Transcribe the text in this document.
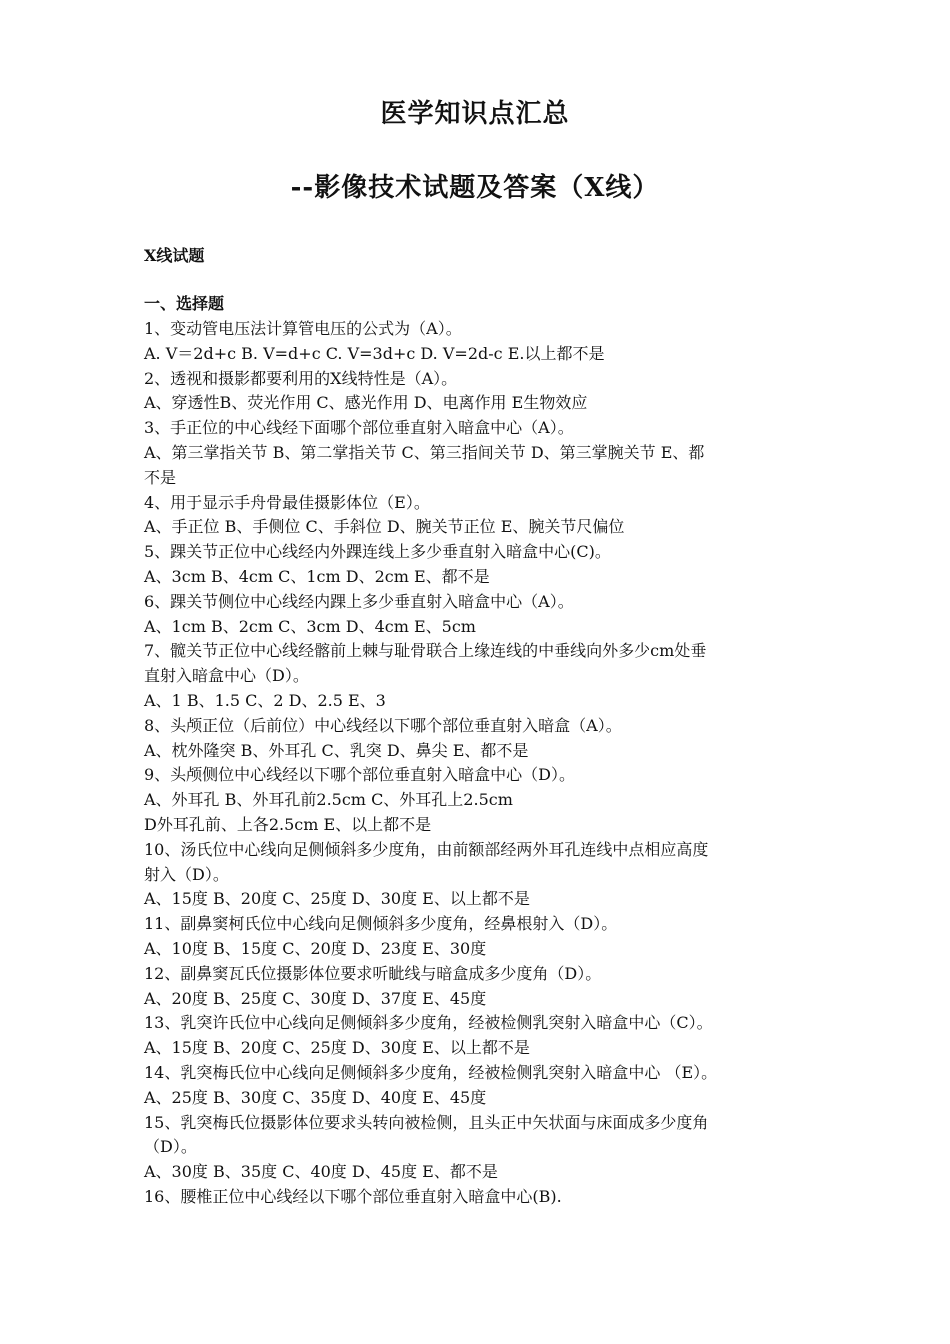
医学知识点汇总
--影像技术试题及答案（X线）
X线试题
一、选择题
1、变动管电压法计算管电压的公式为（A）。
A. V＝2d+c B. V=d+c C. V=3d+c D. V=2d-c E.以上都不是
2、透视和摄影都要利用的X线特性是（A）。
A、穿透性B、荧光作用 C、感光作用 D、电离作用 E生物效应
3、手正位的中心线经下面哪个部位垂直射入暗盒中心（A）。
A、第三掌指关节 B、第二掌指关节 C、第三指间关节 D、第三掌腕关节 E、都
不是
4、用于显示手舟骨最佳摄影体位（E）。
A、手正位 B、手侧位 C、手斜位 D、腕关节正位 E、腕关节尺偏位
5、踝关节正位中心线经内外踝连线上多少垂直射入暗盒中心(C)。
A、3cm B、4cm C、1cm D、2cm E、都不是
6、踝关节侧位中心线经内踝上多少垂直射入暗盒中心（A）。
A、1cm B、2cm C、3cm D、4cm E、5cm
7、髋关节正位中心线经髂前上棘与耻骨联合上缘连线的中垂线向外多少cm处垂
直射入暗盒中心（D）。
A、1 B、1.5 C、2 D、2.5 E、3
8、头颅正位（后前位）中心线经以下哪个部位垂直射入暗盒（A）。
A、枕外隆突 B、外耳孔 C、乳突 D、鼻尖 E、都不是
9、头颅侧位中心线经以下哪个部位垂直射入暗盒中心（D）。
A、外耳孔 B、外耳孔前2.5cm C、外耳孔上2.5cm
D外耳孔前、上各2.5cm E、以上都不是
10、汤氏位中心线向足侧倾斜多少度角，由前额部经两外耳孔连线中点相应高度
射入（D）。
A、15度 B、20度 C、25度 D、30度 E、以上都不是
11、副鼻窦柯氏位中心线向足侧倾斜多少度角，经鼻根射入（D）。
A、10度 B、15度 C、20度 D、23度 E、30度
12、副鼻窦瓦氏位摄影体位要求听眦线与暗盒成多少度角（D）。
A、20度 B、25度 C、30度 D、37度 E、45度
13、乳突许氏位中心线向足侧倾斜多少度角，经被检侧乳突射入暗盒中心（C）。
A、15度 B、20度 C、25度 D、30度 E、以上都不是
14、乳突梅氏位中心线向足侧倾斜多少度角，经被检侧乳突射入暗盒中心 （E）。
A、25度 B、30度 C、35度 D、40度 E、45度
15、乳突梅氏位摄影体位要求头转向被检侧，且头正中矢状面与床面成多少度角
（D）。
A、30度 B、35度 C、40度 D、45度 E、都不是
16、腰椎正位中心线经以下哪个部位垂直射入暗盒中心(B).
